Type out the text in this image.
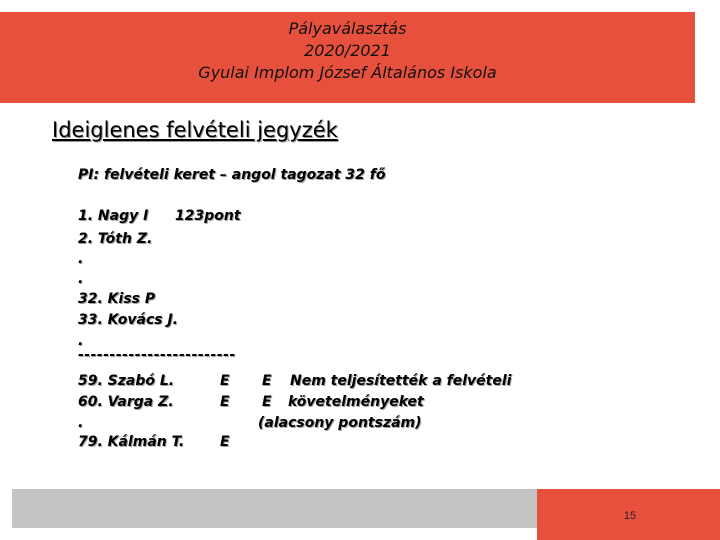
Pályaválasztás
2020/2021
Gyulai Implom József Általános Iskola
Ideiglenes felvételi jegyzék
PI: felvételi keret – angol tagozat 32 fő
1. Nagy I 123pont
2. Tóth Z.
.
.
32. Kiss P
33. Kovács J.
.
-------------------------
59. Szabó L.	E E Nem teljesítették a felvételi
60. Varga Z.	E E követelményeket
.	(alacsony pontszám)
79. Kálmán T.	E
15
